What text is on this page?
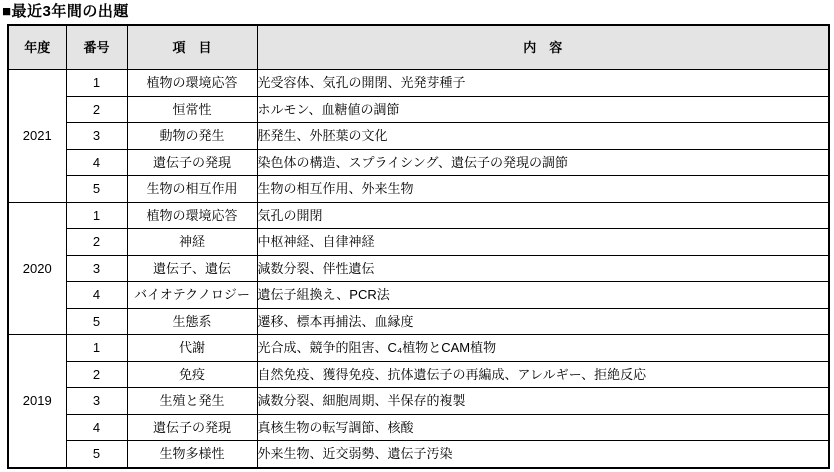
■最近3年間の出題
年度	番号	項　目	内　容
2021	1	植物の環境応答	光受容体、気孔の開閉、光発芽種子
	2	恒常性	ホルモン、血糖値の調節
	3	動物の発生	胚発生、外胚葉の文化
	4	遺伝子の発現	染色体の構造、スプライシング、遺伝子の発現の調節
	5	生物の相互作用	生物の相互作用、外来生物
2020	1	植物の環境応答	気孔の開閉
	2	神経	中枢神経、自律神経
	3	遺伝子、遺伝	減数分裂、伴性遺伝
	4	バイオテクノロジー	遺伝子組換え、PCR法
	5	生態系	遷移、標本再捕法、血縁度
2019	1	代謝	光合成、競争的阻害、C₄植物とCAM植物
	2	免疫	自然免疫、獲得免疫、抗体遺伝子の再編成、アレルギー、拒絶反応
	3	生殖と発生	減数分裂、細胞周期、半保存的複製
	4	遺伝子の発現	真核生物の転写調節、核酸
	5	生物多様性	外来生物、近交弱勢、遺伝子汚染
